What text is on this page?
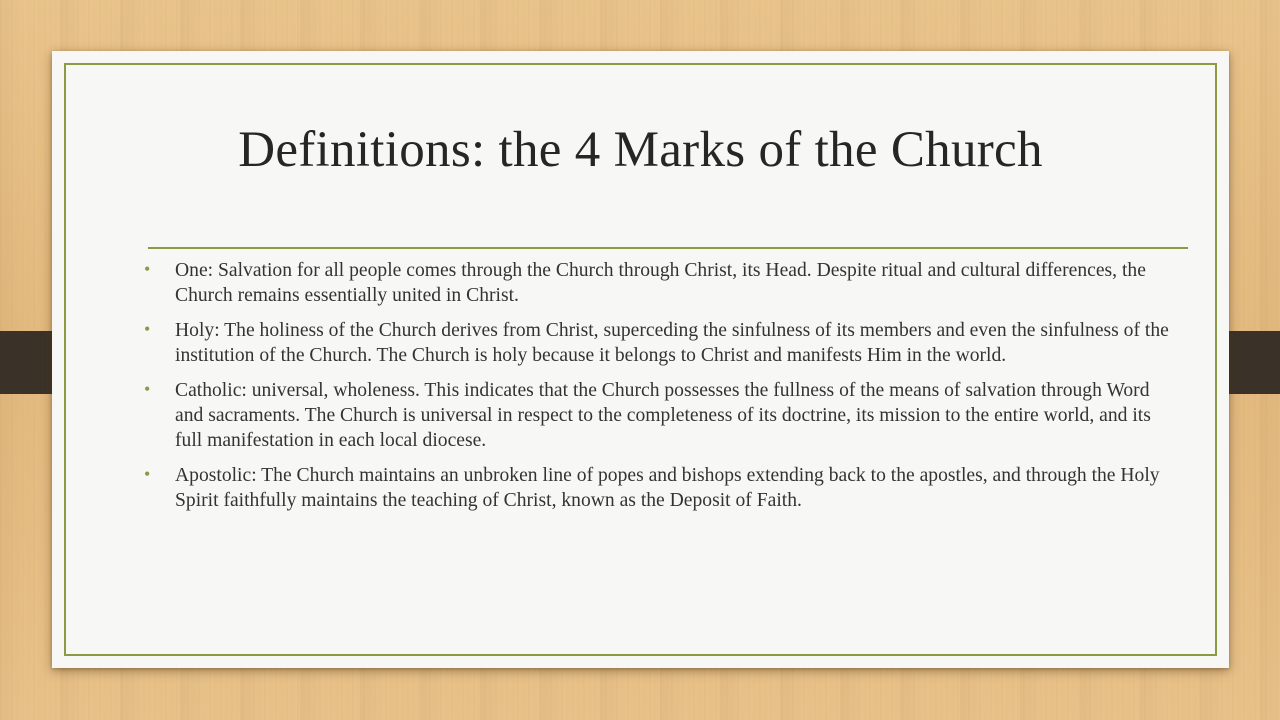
Definitions: the 4 Marks of the Church
• One: Salvation for all people comes through the Church through Christ, its Head. Despite ritual and cultural differences, the Church remains essentially united in Christ.
• Holy: The holiness of the Church derives from Christ, superceding the sinfulness of its members and even the sinfulness of the institution of the Church. The Church is holy because it belongs to Christ and manifests Him in the world.
• Catholic: universal, wholeness. This indicates that the Church possesses the fullness of the means of salvation through Word and sacraments. The Church is universal in respect to the completeness of its doctrine, its mission to the entire world, and its full manifestation in each local diocese.
• Apostolic: The Church maintains an unbroken line of popes and bishops extending back to the apostles, and through the Holy Spirit faithfully maintains the teaching of Christ, known as the Deposit of Faith.
